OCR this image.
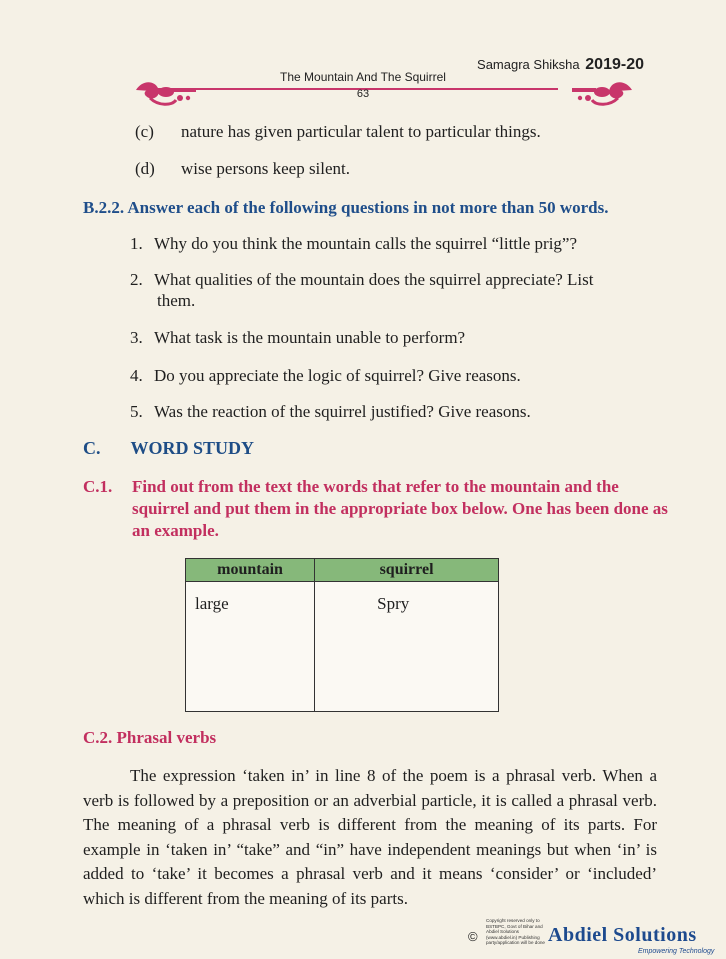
Samagra Shiksha 2019-20
The Mountain And The Squirrel
63
(c) nature has given particular talent to particular things.
(d) wise persons keep silent.
B.2.2. Answer each of the following questions in not more than 50 words.
1. Why do you think the mountain calls the squirrel “little prig”?
2. What qualities of the mountain does the squirrel appreciate? List
them.
3. What task is the mountain unable to perform?
4. Do you appreciate the logic of squirrel? Give reasons.
5. Was the reaction of the squirrel justified? Give reasons.
C. WORD STUDY
C.1. Find out from the text the words that refer to the mountain and the squirrel and put them in the appropriate box below. One has been done as an example.
mountain	squirrel
large	Spry
C.2. Phrasal verbs

The expression ‘taken in’ in line 8 of the poem is a phrasal verb. When a verb is followed by a preposition or an adverbial particle, it is called a phrasal verb. The meaning of a phrasal verb is different from the meaning of its parts. For example in ‘taken in’ “take” and “in” have independent meanings but when ‘in’ is added to ‘take’ it becomes a phrasal verb and it means ‘consider’ or ‘included’ which is different from the meaning of its parts.

Copyright reserved only to BSTBPC, Govt of Bihar and Abdiel Solutions (www.abdiel.in) Publishing party/application will be done
©	Abdiel Solutions
Empowering Technology
